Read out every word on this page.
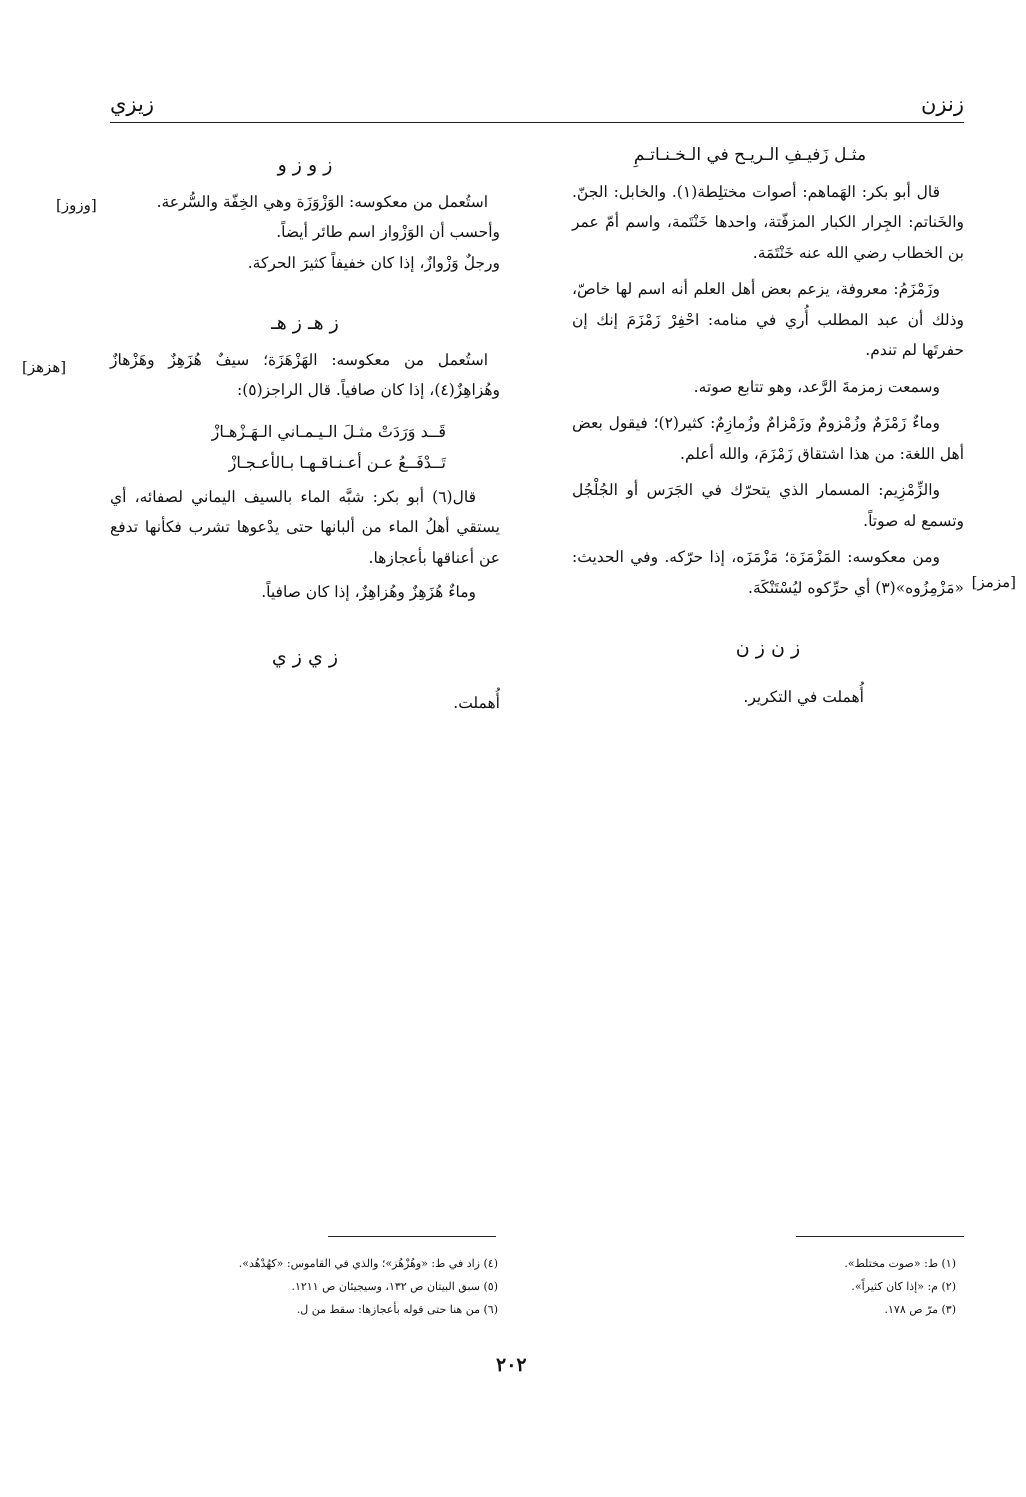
زنزن
زيزي

مثـل زَفيـفِ الـريـح في الـخـنـاتـمِ

قال أبو بكر: الهَماهم: أصوات مختلِطة(١). والخابل: الجنّ. والخَناتم: الجِرار الكبار المزفّتة، واحدها خَنْتَمة، واسم أمّ عمر بن الخطاب رضي الله عنه خَنْتَمَة.

وزَمْزَمُ: معروفة، يزعم بعض أهل العلم أنه اسم لها خاصّ، وذلك أن عبد المطلب أُري في منامه: احْفِرْ زَمْزَمَ إنك إن حفرتَها لم تندم.

وسمعت زمزمةَ الرَّعد، وهو تتابع صوته.

وماءٌ زَمْزَمٌ وزُمْزومٌ وزَمْزامٌ وزُمازِمٌ: كثير(٢)؛ فيقول بعض أهل اللغة: من هذا اشتقاق زَمْزَمَ، والله أعلم.

والزِّمْزِيم: المسمار الذي يتحرّك في الجَرَس أو الجُلْجُل وتسمع له صوتاً.

ومن معكوسه: المَزْمَزَة؛ مَزْمَزَه، إذا حرّكه. وفي الحديث: «مَزْمِزُوه»(٣) أي حرِّكوه ليُسْتَنْكَهَ.

ز ن ز ن

أُهملت في التكرير.

[مزمز]

ز و ز و

استُعمل من معكوسه: الوَزْوَزَة وهي الخِفّة والسُّرعة.

وأحسب أن الوَزْواز اسم طائر أيضاً.

ورجلٌ وَزْوازٌ، إذا كان خفيفاً كثيرَ الحركة.

ز هـ ز هـ

استُعمل من معكوسه: الهَزْهَزَة؛ سيفٌ هُزَهِزٌ وهَزْهازٌ وهُزاهِزٌ(٤)، إذا كان صافياً. قال الراجز(٥):

قال(٦) أبو بكر: شبَّه الماء بالسيف اليماني لصفائه، أي يستقي أهلُ الماء من ألبانها حتى يدْعوها تشرب فكأنها تدفع عن أعناقها بأعجازها.

وماءٌ هُزَهِزٌ وهُزاهِزٌ، إذا كان صافياً.

ز ي ز ي

أُهملت.

[وزوز]
[هزهز]
قَــد وَرَدَتْ مثـلَ الـيـمـاني الـهَـزْهـازْ
تَــدْفَــعُ عـن أعـنـاقـهـا بـالأعـجـازْ
(١) ط: «صوت مختلط».
(٢) م: «إذا كان كثيراً».
(٣) مرّ ص ١٧٨.
(٤) زاد في ط: «وهُزْهُز»؛ والذي في القاموس: «كهُدْهُد».
(٥) سبق البيتان ص ١٣٢، وسيجيئان ص ١٢١١.
(٦) من هنا حتى قوله بأعجازها: سقط من ل.
٢٠٢
